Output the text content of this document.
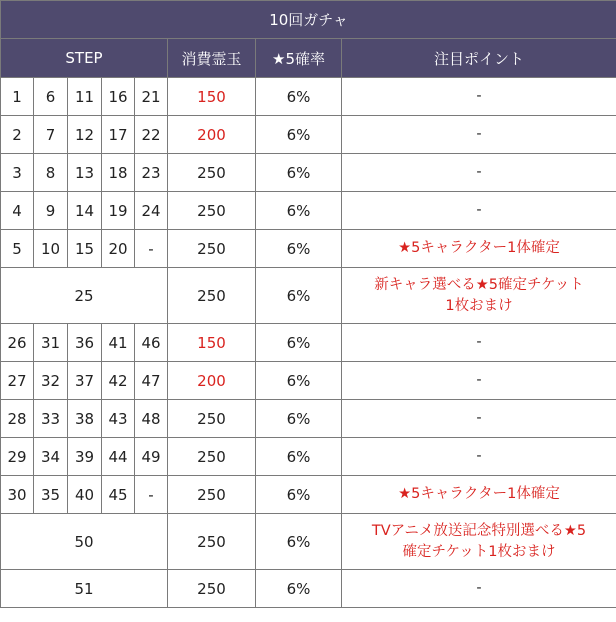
10回ガチャ							
STEP					消費霊玉	★5確率	注目ポイント
1	6	11	16	21	150	6%	-
2	7	12	17	22	200	6%	-
3	8	13	18	23	250	6%	-
4	9	14	19	24	250	6%	-
5	10	15	20	-	250	6%	★5キャラクター1体確定
25					250	6%	新キャラ選べる★5確定チケット
1枚おまけ
26	31	36	41	46	150	6%	-
27	32	37	42	47	200	6%	-
28	33	38	43	48	250	6%	-
29	34	39	44	49	250	6%	-
30	35	40	45	-	250	6%	★5キャラクター1体確定
50					250	6%	TVアニメ放送記念特別選べる★5
確定チケット1枚おまけ
51					250	6%	-
